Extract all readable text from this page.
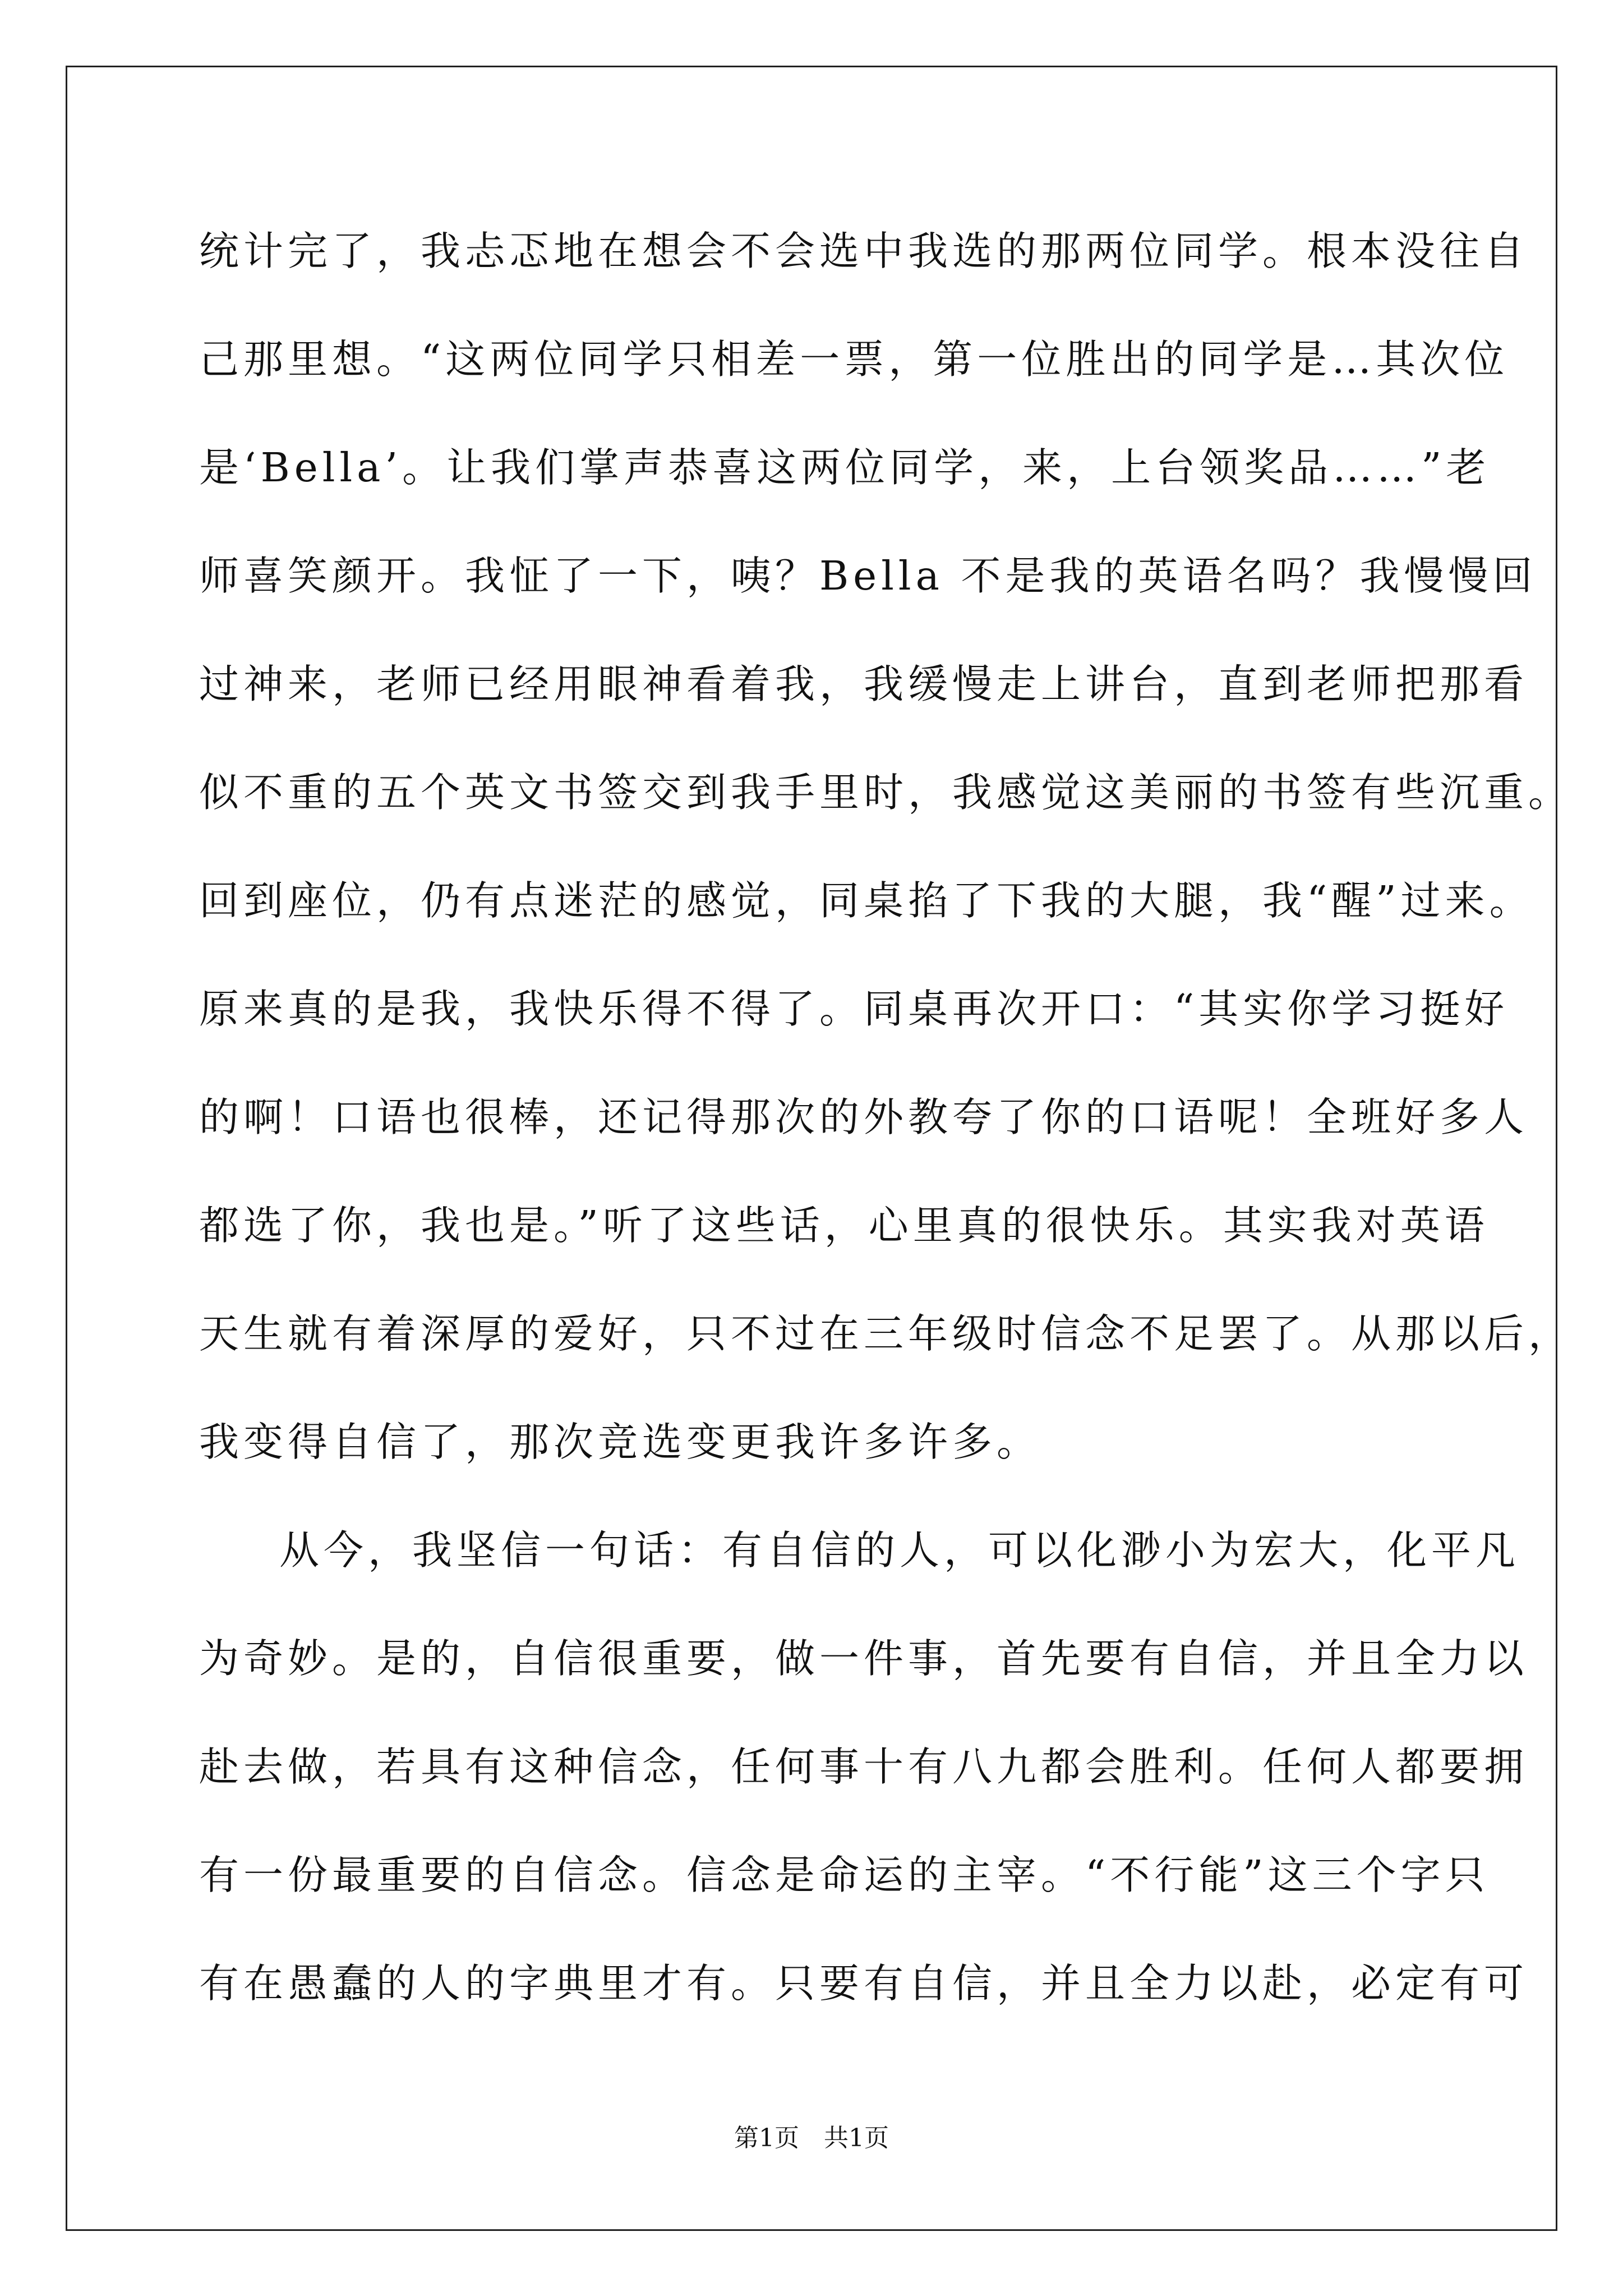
统计完了，我忐忑地在想会不会选中我选的那两位同学。根本没往自
己那里想。“这两位同学只相差一票，第一位胜出的同学是…其次位
是‘Bella’。让我们掌声恭喜这两位同学，来，上台领奖品……”老
师喜笑颜开。我怔了一下，咦？Bella 不是我的英语名吗？我慢慢回
过神来，老师已经用眼神看着我，我缓慢走上讲台，直到老师把那看
似不重的五个英文书签交到我手里时，我感觉这美丽的书签有些沉重。
回到座位，仍有点迷茫的感觉，同桌掐了下我的大腿，我“醒”过来。
原来真的是我，我快乐得不得了。同桌再次开口：“其实你学习挺好
的啊！口语也很棒，还记得那次的外教夸了你的口语呢！全班好多人
都选了你，我也是。”听了这些话，心里真的很快乐。其实我对英语
天生就有着深厚的爱好，只不过在三年级时信念不足罢了。从那以后，
我变得自信了，那次竞选变更我许多许多。
从今，我坚信一句话：有自信的人，可以化渺小为宏大，化平凡
为奇妙。是的，自信很重要，做一件事，首先要有自信，并且全力以
赴去做，若具有这种信念，任何事十有八九都会胜利。任何人都要拥
有一份最重要的自信念。信念是命运的主宰。“不行能”这三个字只
有在愚蠢的人的字典里才有。只要有自信，并且全力以赴，必定有可
第1页　共1页
